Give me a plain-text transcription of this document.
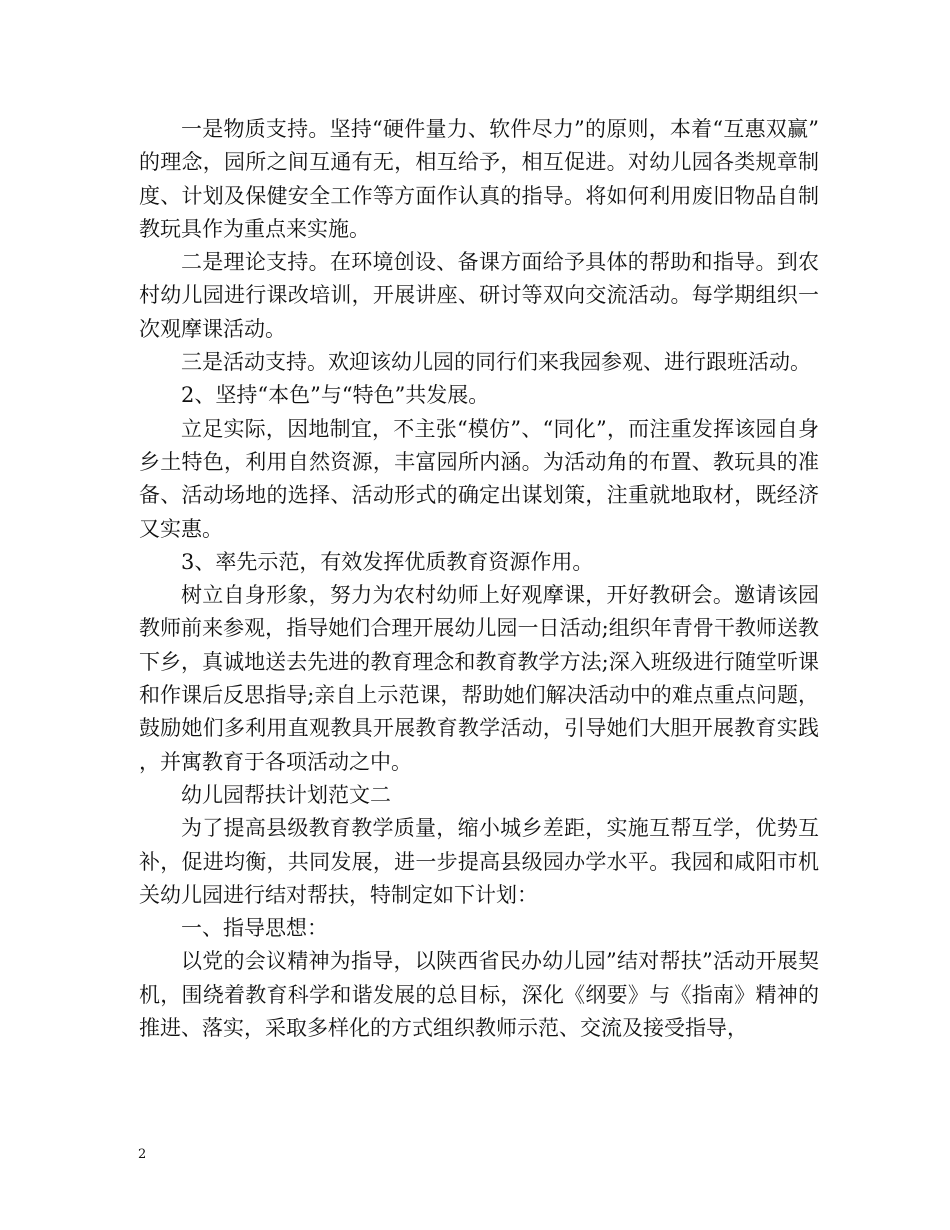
一是物质支持。坚持“硬件量力、软件尽力”的原则，本着“互惠双赢”的理念，园所之间互通有无，相互给予，相互促进。对幼儿园各类规章制度、计划及保健安全工作等方面作认真的指导。将如何利用废旧物品自制教玩具作为重点来实施。

二是理论支持。在环境创设、备课方面给予具体的帮助和指导。到农村幼儿园进行课改培训，开展讲座、研讨等双向交流活动。每学期组织一次观摩课活动。

三是活动支持。欢迎该幼儿园的同行们来我园参观、进行跟班活动。

2、坚持“本色”与“特色”共发展。

立足实际，因地制宜，不主张“模仿”、“同化”，而注重发挥该园自身乡土特色，利用自然资源，丰富园所内涵。为活动角的布置、教玩具的准备、活动场地的选择、活动形式的确定出谋划策，注重就地取材，既经济又实惠。

3、率先示范，有效发挥优质教育资源作用。

树立自身形象，努力为农村幼师上好观摩课，开好教研会。邀请该园教师前来参观，指导她们合理开展幼儿园一日活动;组织年青骨干教师送教下乡，真诚地送去先进的教育理念和教育教学方法;深入班级进行随堂听课和作课后反思指导;亲自上示范课，帮助她们解决活动中的难点重点问题，鼓励她们多利用直观教具开展教育教学活动，引导她们大胆开展教育实践，并寓教育于各项活动之中。

幼儿园帮扶计划范文二

为了提高县级教育教学质量，缩小城乡差距，实施互帮互学，优势互补，促进均衡，共同发展，进一步提高县级园办学水平。我园和咸阳市机关幼儿园进行结对帮扶，特制定如下计划：

一、指导思想：

以党的会议精神为指导，以陕西省民办幼儿园”结对帮扶”活动开展契机，围绕着教育科学和谐发展的总目标，深化《纲要》与《指南》精神的推进、落实，采取多样化的方式组织教师示范、交流及接受指导，

2
